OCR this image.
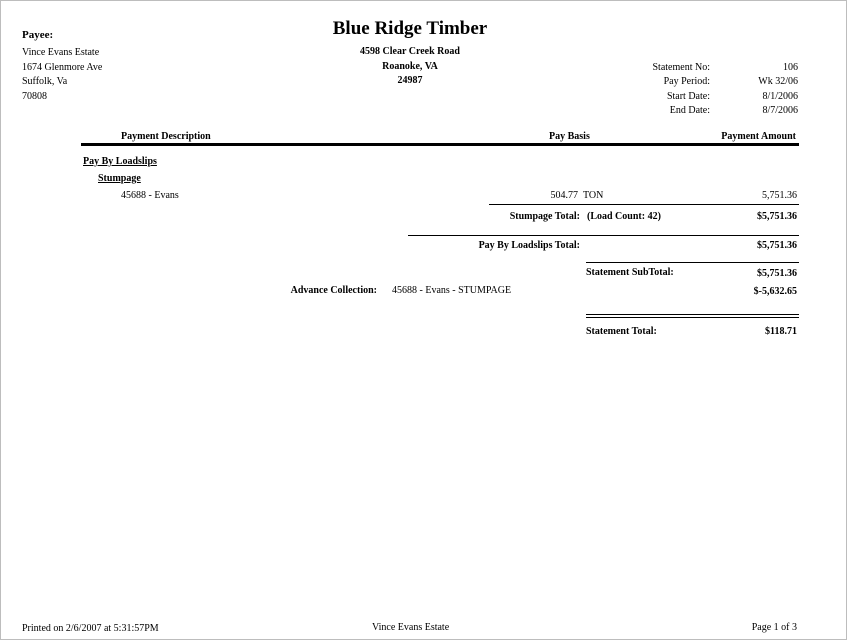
Blue Ridge Timber
4598 Clear Creek Road
Roanoke, VA
24987
Payee:
Vince Evans Estate
1674 Glenmore Ave
Suffolk, Va
70808
Statement No:	106
Pay Period:	Wk 32/06
Start Date:	8/1/2006
End Date:	8/7/2006
Payment Description	Pay Basis	Payment Amount
Pay By Loadslips
Stumpage
45688 - Evans	504.77 TON	5,751.36
Stumpage Total: (Load Count: 42)	$5,751.36
Pay By Loadslips Total:	$5,751.36
Statement SubTotal:	$5,751.36
Advance Collection: 45688 - Evans - STUMPAGE	$-5,632.65
Statement Total:	$118.71
Printed on 2/6/2007 at 5:31:57PM	Vince Evans Estate	Page 1 of 3
